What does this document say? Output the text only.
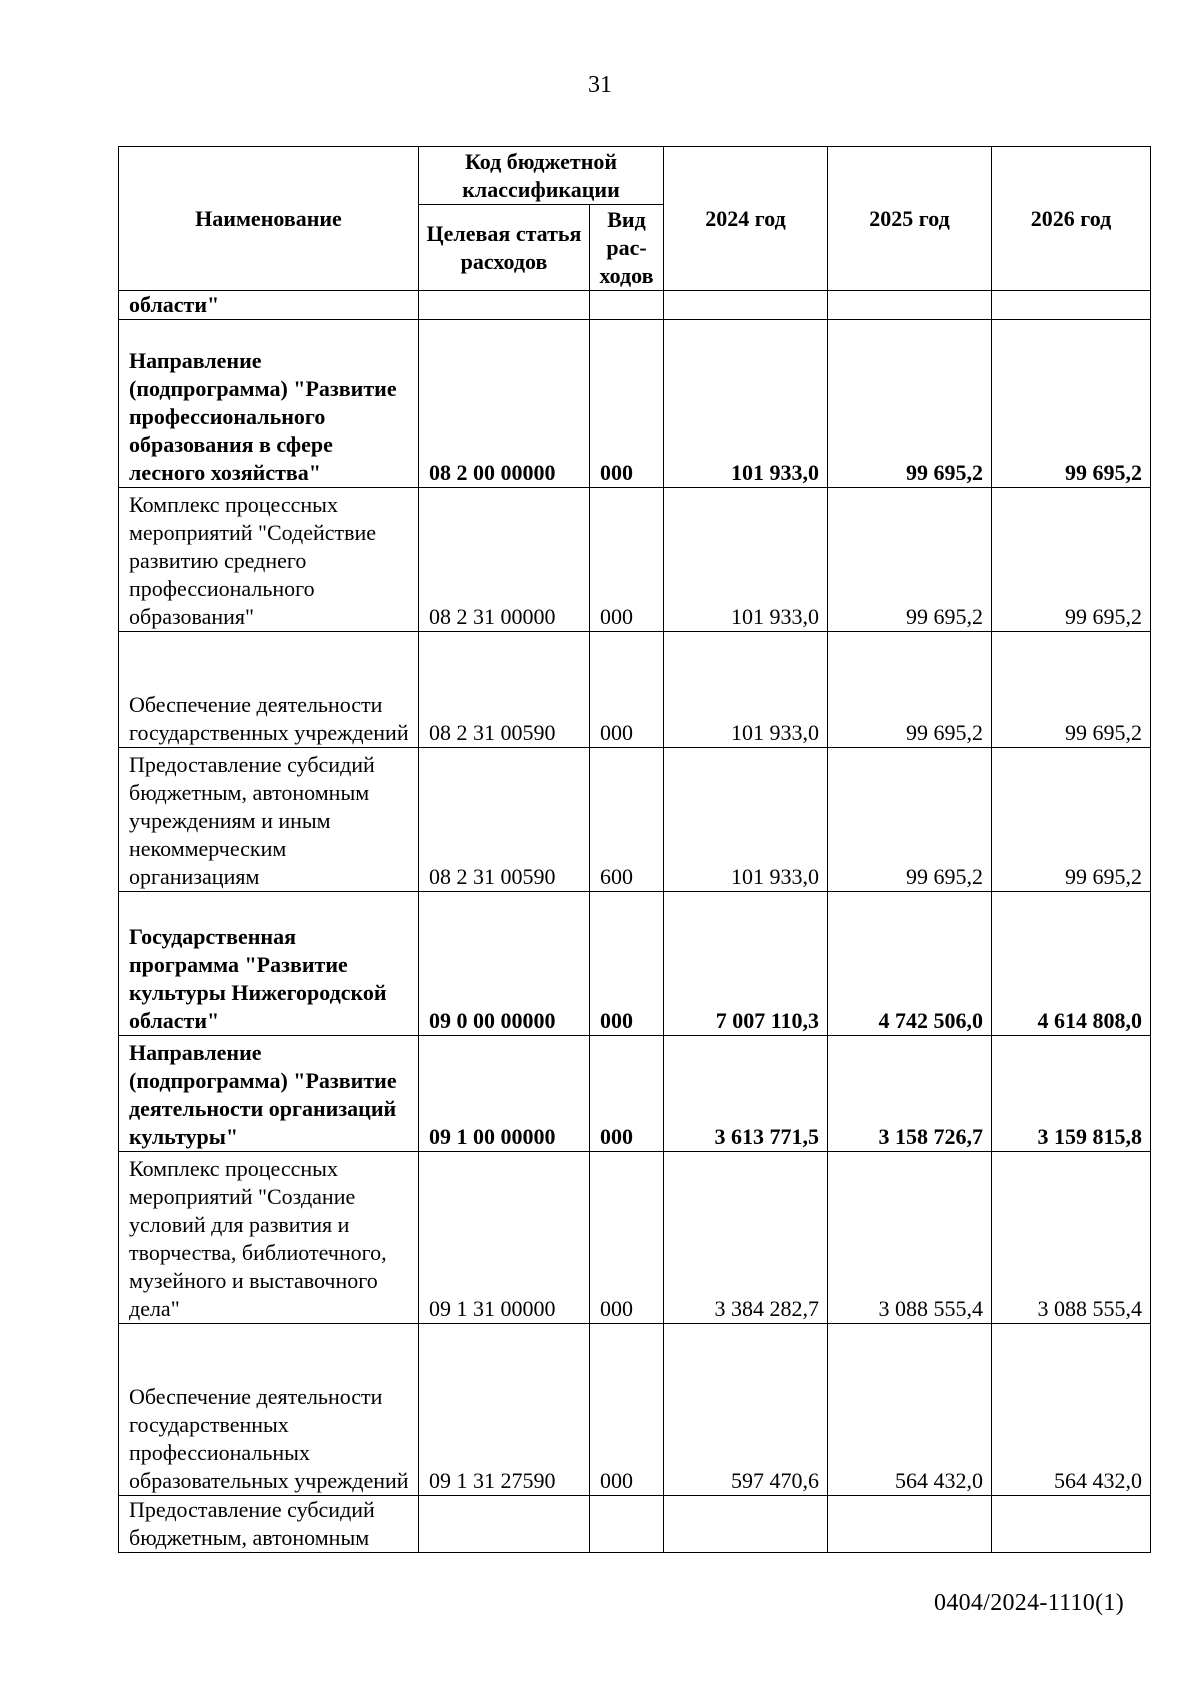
31
Наименование	Код бюджетной классификации		2024 год	2025 год	2026 год
	Целевая статья расходов	Вид рас-ходов			
области"					
Направление (подпрограмма) "Развитие профессионального образования в сфере лесного хозяйства"	08 2 00 00000	000	101 933,0	99 695,2	99 695,2
Комплекс процессных мероприятий "Содействие развитию среднего профессионального образования"	08 2 31 00000	000	101 933,0	99 695,2	99 695,2
Обеспечение деятельности государственных учреждений	08 2 31 00590	000	101 933,0	99 695,2	99 695,2
Предоставление субсидий бюджетным, автономным учреждениям и иным некоммерческим организациям	08 2 31 00590	600	101 933,0	99 695,2	99 695,2
Государственная программа "Развитие культуры Нижегородской области"	09 0 00 00000	000	7 007 110,3	4 742 506,0	4 614 808,0
Направление (подпрограмма) "Развитие деятельности организаций культуры"	09 1 00 00000	000	3 613 771,5	3 158 726,7	3 159 815,8
Комплекс процессных мероприятий "Создание условий для развития и творчества, библиотечного, музейного и выставочного дела"	09 1 31 00000	000	3 384 282,7	3 088 555,4	3 088 555,4
Обеспечение деятельности государственных профессиональных образовательных учреждений	09 1 31 27590	000	597 470,6	564 432,0	564 432,0
Предоставление субсидий бюджетным, автономным					
0404/2024-1110(1)
